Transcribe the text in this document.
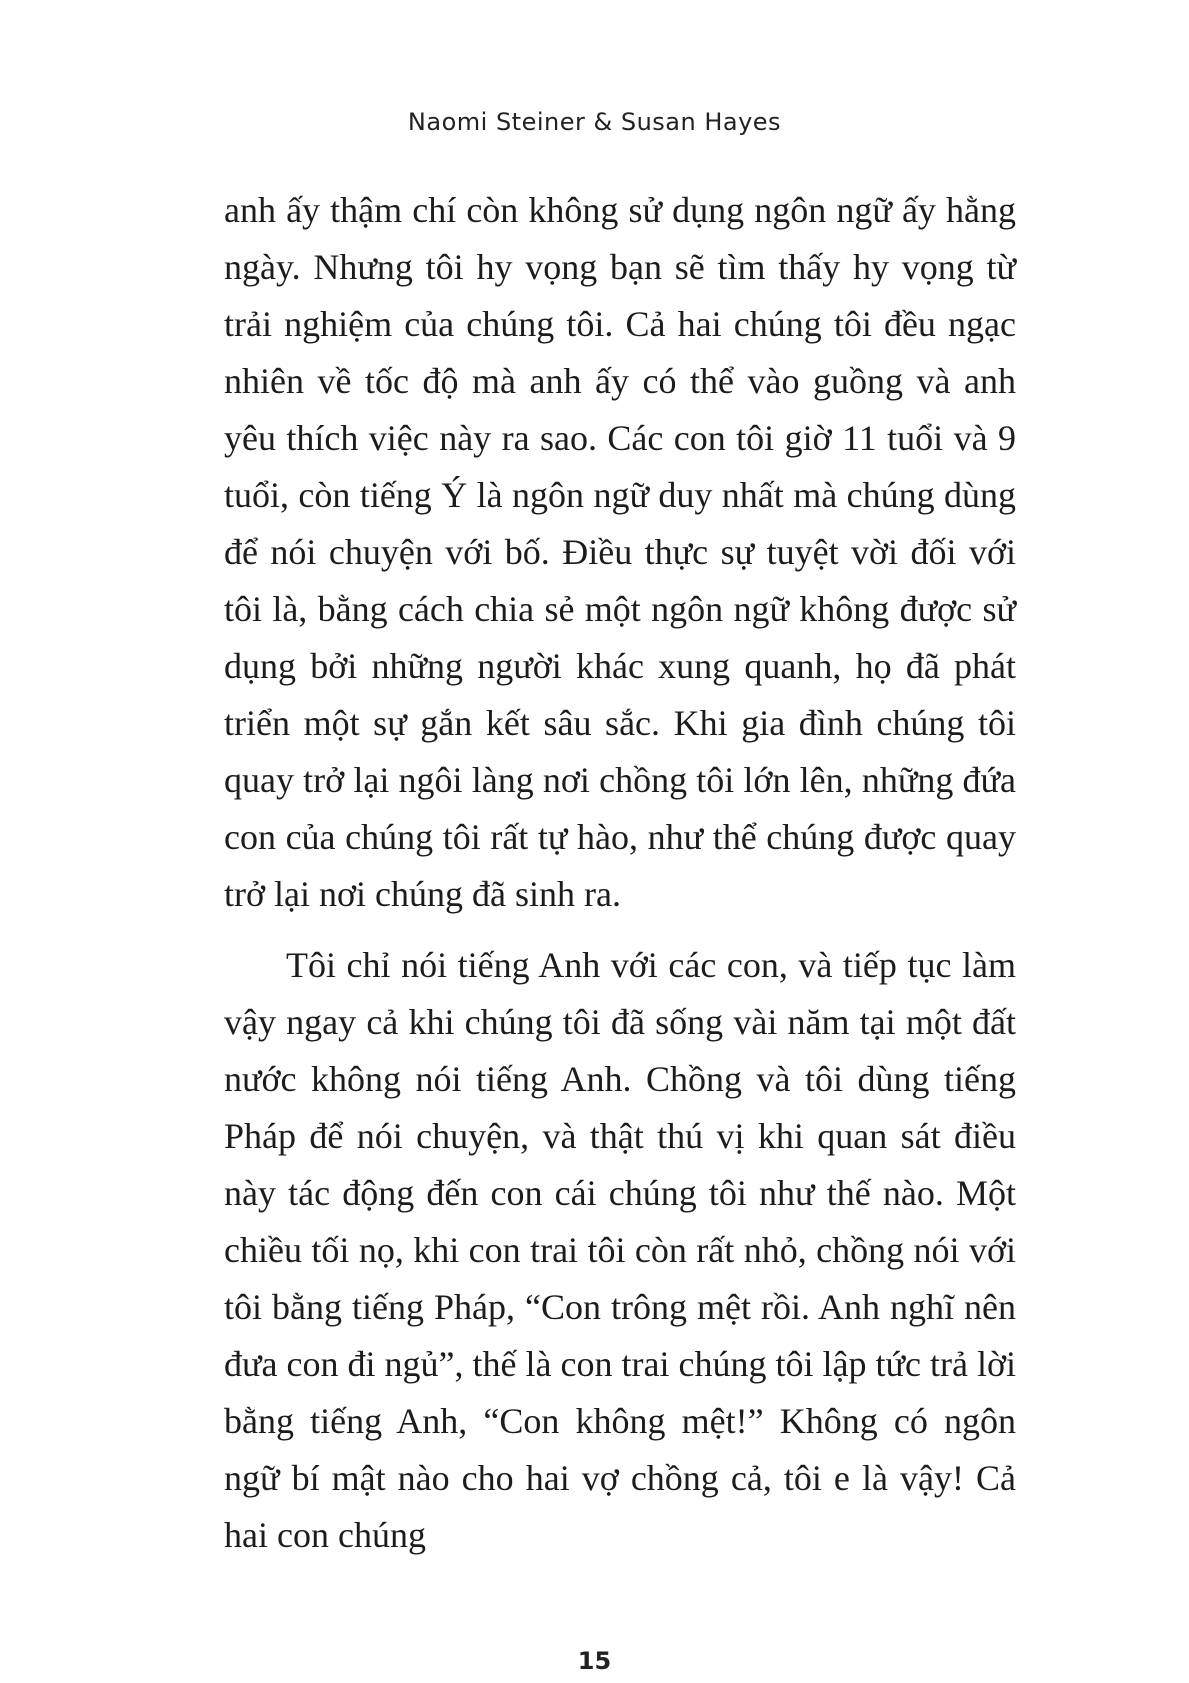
Naomi Steiner & Susan Hayes

anh ấy thậm chí còn không sử dụng ngôn ngữ ấy hằng ngày. Nhưng tôi hy vọng bạn sẽ tìm thấy hy vọng từ trải nghiệm của chúng tôi. Cả hai chúng tôi đều ngạc nhiên về tốc độ mà anh ấy có thể vào guồng và anh yêu thích việc này ra sao. Các con tôi giờ 11 tuổi và 9 tuổi, còn tiếng Ý là ngôn ngữ duy nhất mà chúng dùng để nói chuyện với bố. Điều thực sự tuyệt vời đối với tôi là, bằng cách chia sẻ một ngôn ngữ không được sử dụng bởi những người khác xung quanh, họ đã phát triển một sự gắn kết sâu sắc. Khi gia đình chúng tôi quay trở lại ngôi làng nơi chồng tôi lớn lên, những đứa con của chúng tôi rất tự hào, như thể chúng được quay trở lại nơi chúng đã sinh ra.

Tôi chỉ nói tiếng Anh với các con, và tiếp tục làm vậy ngay cả khi chúng tôi đã sống vài năm tại một đất nước không nói tiếng Anh. Chồng và tôi dùng tiếng Pháp để nói chuyện, và thật thú vị khi quan sát điều này tác động đến con cái chúng tôi như thế nào. Một chiều tối nọ, khi con trai tôi còn rất nhỏ, chồng nói với tôi bằng tiếng Pháp, “Con trông mệt rồi. Anh nghĩ nên đưa con đi ngủ”, thế là con trai chúng tôi lập tức trả lời bằng tiếng Anh, “Con không mệt!” Không có ngôn ngữ bí mật nào cho hai vợ chồng cả, tôi e là vậy! Cả hai con chúng

15
